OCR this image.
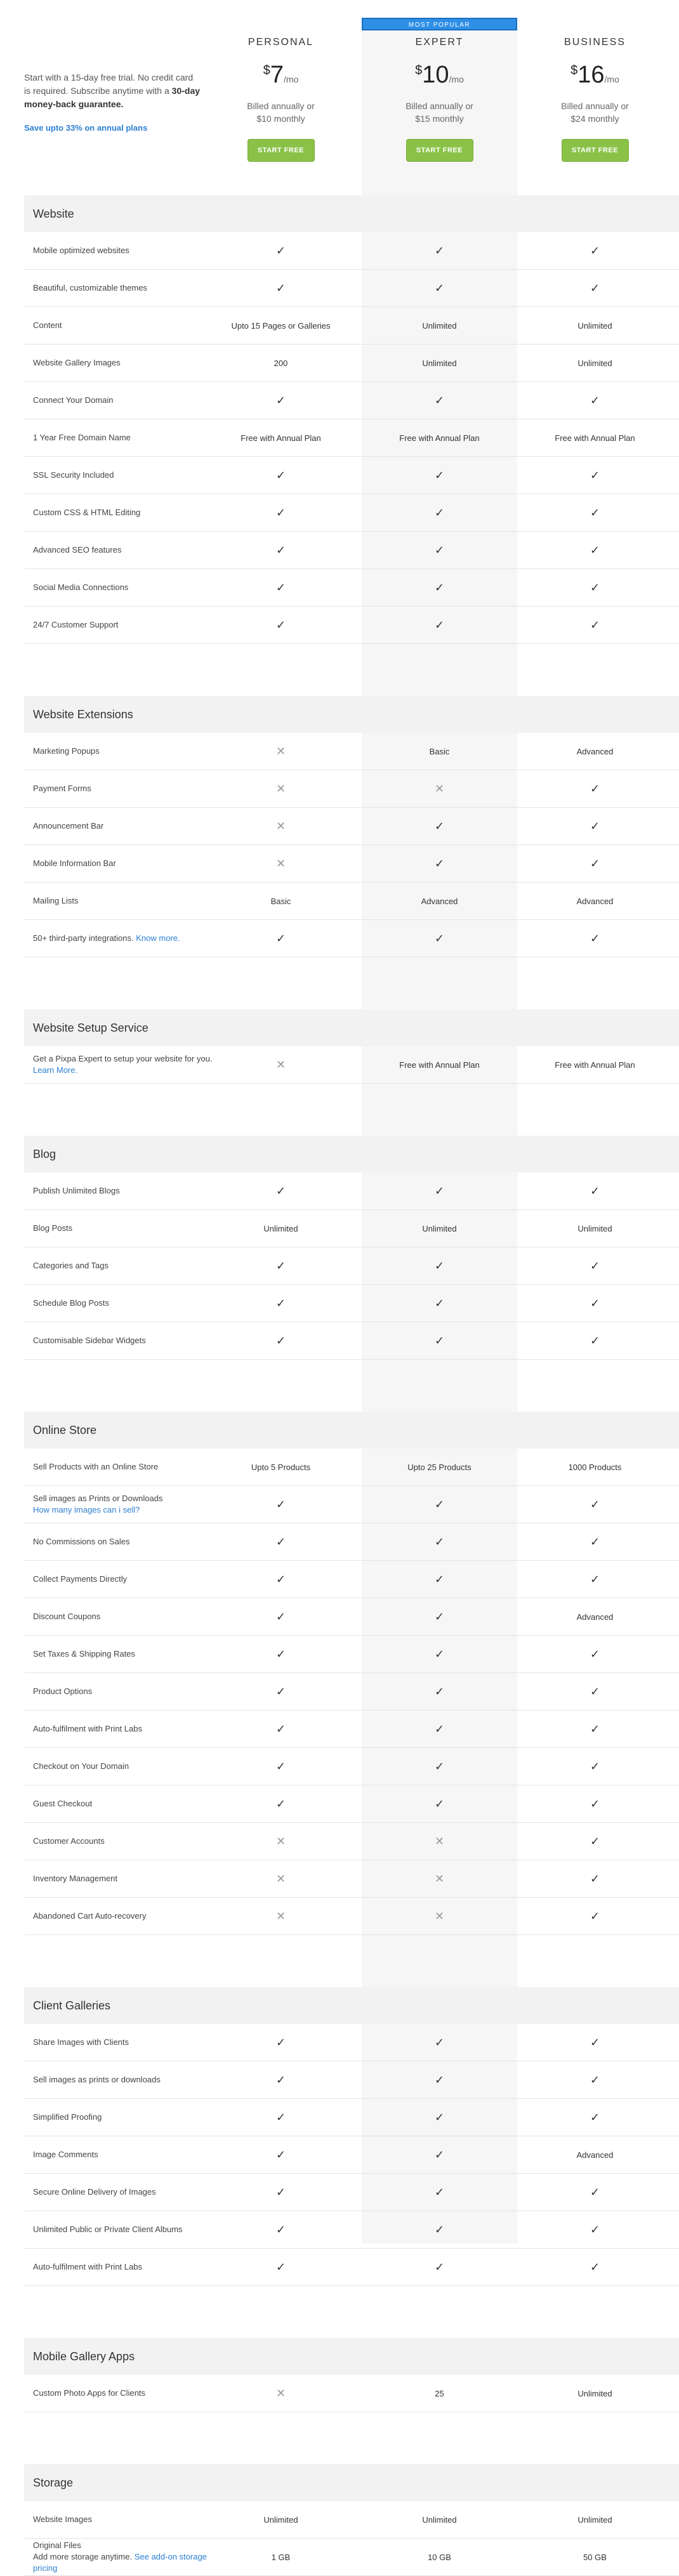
MOST POPULAR
Start with a 15-day free trial. No credit card is required. Subscribe anytime with a 30-day money-back guarantee.
Save upto 33% on annual plans
PERSONAL
$7/mo
Billed annually or
$10 monthly
START FREE
EXPERT
$10/mo
Billed annually or
$15 monthly
START FREE
BUSINESS
$16/mo
Billed annually or
$24 monthly
START FREE
Website
Mobile optimized websites	✓	✓	✓
Beautiful, customizable themes	✓	✓	✓
Content	Upto 15 Pages or Galleries	Unlimited	Unlimited
Website Gallery Images	200	Unlimited	Unlimited
Connect Your Domain	✓	✓	✓
1 Year Free Domain Name	Free with Annual Plan	Free with Annual Plan	Free with Annual Plan
SSL Security Included	✓	✓	✓
Custom CSS & HTML Editing	✓	✓	✓
Advanced SEO features	✓	✓	✓
Social Media Connections	✓	✓	✓
24/7 Customer Support	✓	✓	✓
Website Extensions
Marketing Popups	✕	Basic	Advanced
Payment Forms	✕	✕	✓
Announcement Bar	✕	✓	✓
Mobile Information Bar	✕	✓	✓
Mailing Lists	Basic	Advanced	Advanced
50+ third-party integrations. Know more.	✓	✓	✓
Website Setup Service
Get a Pixpa Expert to setup your website for you. Learn More.	✕	Free with Annual Plan	Free with Annual Plan
Blog
Publish Unlimited Blogs	✓	✓	✓
Blog Posts	Unlimited	Unlimited	Unlimited
Categories and Tags	✓	✓	✓
Schedule Blog Posts	✓	✓	✓
Customisable Sidebar Widgets	✓	✓	✓
Online Store
Sell Products with an Online Store	Upto 5 Products	Upto 25 Products	1000 Products
Sell images as Prints or Downloads
How many images can i sell?	✓	✓	✓
No Commissions on Sales	✓	✓	✓
Collect Payments Directly	✓	✓	✓
Discount Coupons	✓	✓	Advanced
Set Taxes & Shipping Rates	✓	✓	✓
Product Options	✓	✓	✓
Auto-fulfilment with Print Labs	✓	✓	✓
Checkout on Your Domain	✓	✓	✓
Guest Checkout	✓	✓	✓
Customer Accounts	✕	✕	✓
Inventory Management	✕	✕	✓
Abandoned Cart Auto-recovery	✕	✕	✓
Client Galleries
Share Images with Clients	✓	✓	✓
Sell images as prints or downloads	✓	✓	✓
Simplified Proofing	✓	✓	✓
Image Comments	✓	✓	Advanced
Secure Online Delivery of Images	✓	✓	✓
Unlimited Public or Private Client Albums	✓	✓	✓
Auto-fulfilment with Print Labs	✓	✓	✓
Mobile Gallery Apps
Custom Photo Apps for Clients	✕	25	Unlimited
Storage
Website Images	Unlimited	Unlimited	Unlimited
Original Files
Add more storage anytime. See add-on storage pricing
1 GB	10 GB	50 GB
